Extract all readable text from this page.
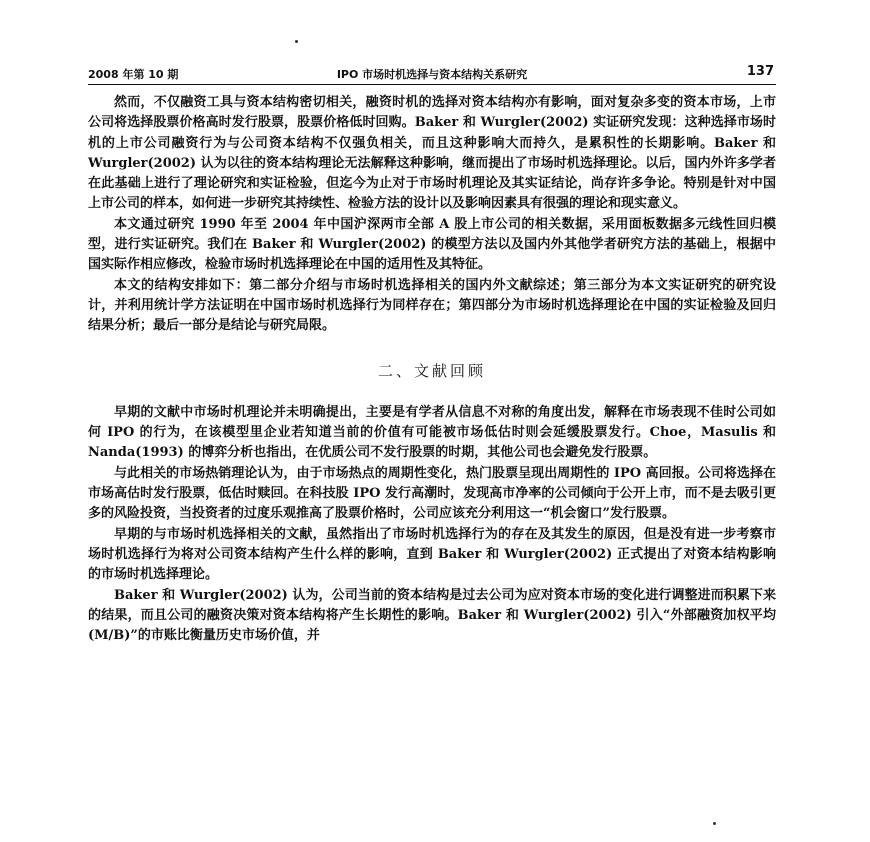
2008 年第 10 期	IPO 市场时机选择与资本结构关系研究	137

然而，不仅融资工具与资本结构密切相关，融资时机的选择对资本结构亦有影响，面对复杂多变的资本市场，上市公司将选择股票价格高时发行股票，股票价格低时回购。Baker 和 Wurgler(2002) 实证研究发现：这种选择市场时机的上市公司融资行为与公司资本结构不仅强负相关，而且这种影响大而持久，是累积性的长期影响。Baker 和 Wurgler(2002) 认为以往的资本结构理论无法解释这种影响，继而提出了市场时机选择理论。以后，国内外许多学者在此基础上进行了理论研究和实证检验，但迄今为止对于市场时机理论及其实证结论，尚存许多争论。特别是针对中国上市公司的样本，如何进一步研究其持续性、检验方法的设计以及影响因素具有很强的理论和现实意义。

本文通过研究 1990 年至 2004 年中国沪深两市全部 A 股上市公司的相关数据，采用面板数据多元线性回归模型，进行实证研究。我们在 Baker 和 Wurgler(2002) 的模型方法以及国内外其他学者研究方法的基础上，根据中国实际作相应修改，检验市场时机选择理论在中国的适用性及其特征。

本文的结构安排如下：第二部分介绍与市场时机选择相关的国内外文献综述；第三部分为本文实证研究的研究设计，并利用统计学方法证明在中国市场时机选择行为同样存在；第四部分为市场时机选择理论在中国的实证检验及回归结果分析；最后一部分是结论与研究局限。

二、文献回顾

早期的文献中市场时机理论并未明确提出，主要是有学者从信息不对称的角度出发，解释在市场表现不佳时公司如何 IPO 的行为，在该模型里企业若知道当前的价值有可能被市场低估时则会延缓股票发行。Choe，Masulis 和 Nanda(1993) 的博弈分析也指出，在优质公司不发行股票的时期，其他公司也会避免发行股票。

与此相关的市场热销理论认为，由于市场热点的周期性变化，热门股票呈现出周期性的 IPO 高回报。公司将选择在市场高估时发行股票，低估时赎回。在科技股 IPO 发行高潮时，发现高市净率的公司倾向于公开上市，而不是去吸引更多的风险投资，当投资者的过度乐观推高了股票价格时，公司应该充分利用这一“机会窗口”发行股票。

早期的与市场时机选择相关的文献，虽然指出了市场时机选择行为的存在及其发生的原因，但是没有进一步考察市场时机选择行为将对公司资本结构产生什么样的影响，直到 Baker 和 Wurgler(2002) 正式提出了对资本结构影响的市场时机选择理论。

Baker 和 Wurgler(2002) 认为，公司当前的资本结构是过去公司为应对资本市场的变化进行调整进而积累下来的结果，而且公司的融资决策对资本结构将产生长期性的影响。Baker 和 Wurgler(2002) 引入“外部融资加权平均(M/B)”的市账比衡量历史市场价值，并
